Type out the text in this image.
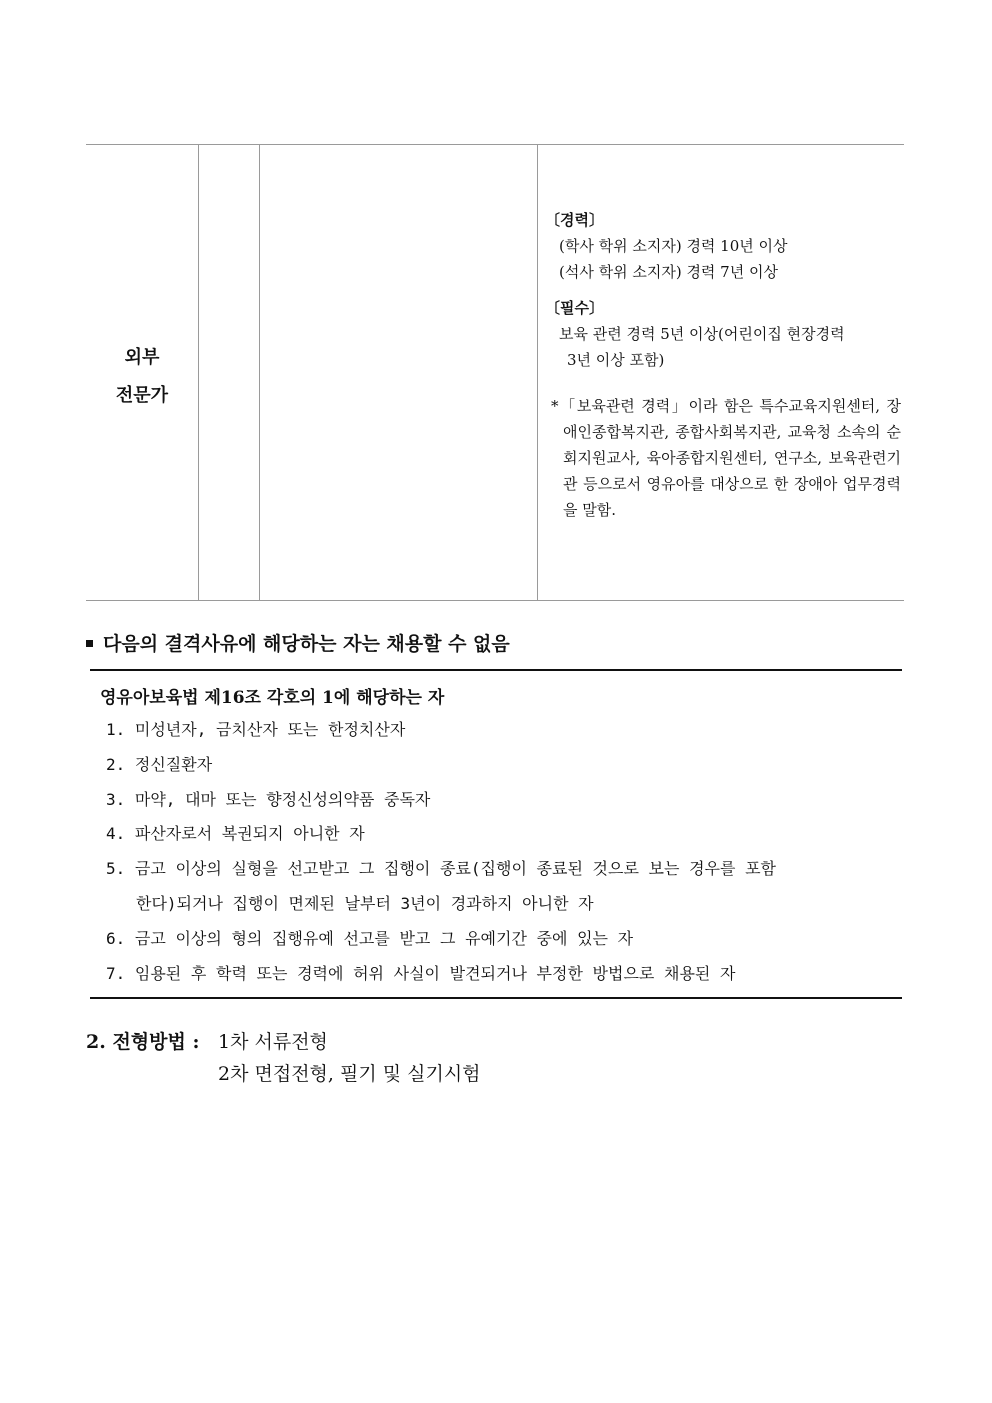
외부
전문가
〔경력〕
(학사 학위 소지자) 경력 10년 이상
(석사 학위 소지자) 경력 7년 이상
〔필수〕
보육 관련 경력 5년 이상(어린이집 현장경력
3년 이상 포함)
*「보육관련 경력」이라 함은 특수교육지원센터, 장애인종합복지관, 종합사회복지관, 교육청 소속의 순회지원교사, 육아종합지원센터, 연구소, 보육관련기관 등으로서 영유아를 대상으로 한 장애아 업무경력을 말함.
다음의 결격사유에 해당하는 자는 채용할 수 없음
영유아보육법 제16조 각호의 1에 해당하는 자
1. 미성년자, 금치산자 또는 한정치산자
2. 정신질환자
3. 마약, 대마 또는 향정신성의약품 중독자
4. 파산자로서 복권되지 아니한 자
5. 금고 이상의 실형을 선고받고 그 집행이 종료(집행이 종료된 것으로 보는 경우를 포함
한다)되거나 집행이 면제된 날부터 3년이 경과하지 아니한 자
6. 금고 이상의 형의 집행유예 선고를 받고 그 유예기간 중에 있는 자
7. 임용된 후 학력 또는 경력에 허위 사실이 발견되거나 부정한 방법으로 채용된 자
2. 전형방법 : 1차 서류전형
2차 면접전형, 필기 및 실기시험
